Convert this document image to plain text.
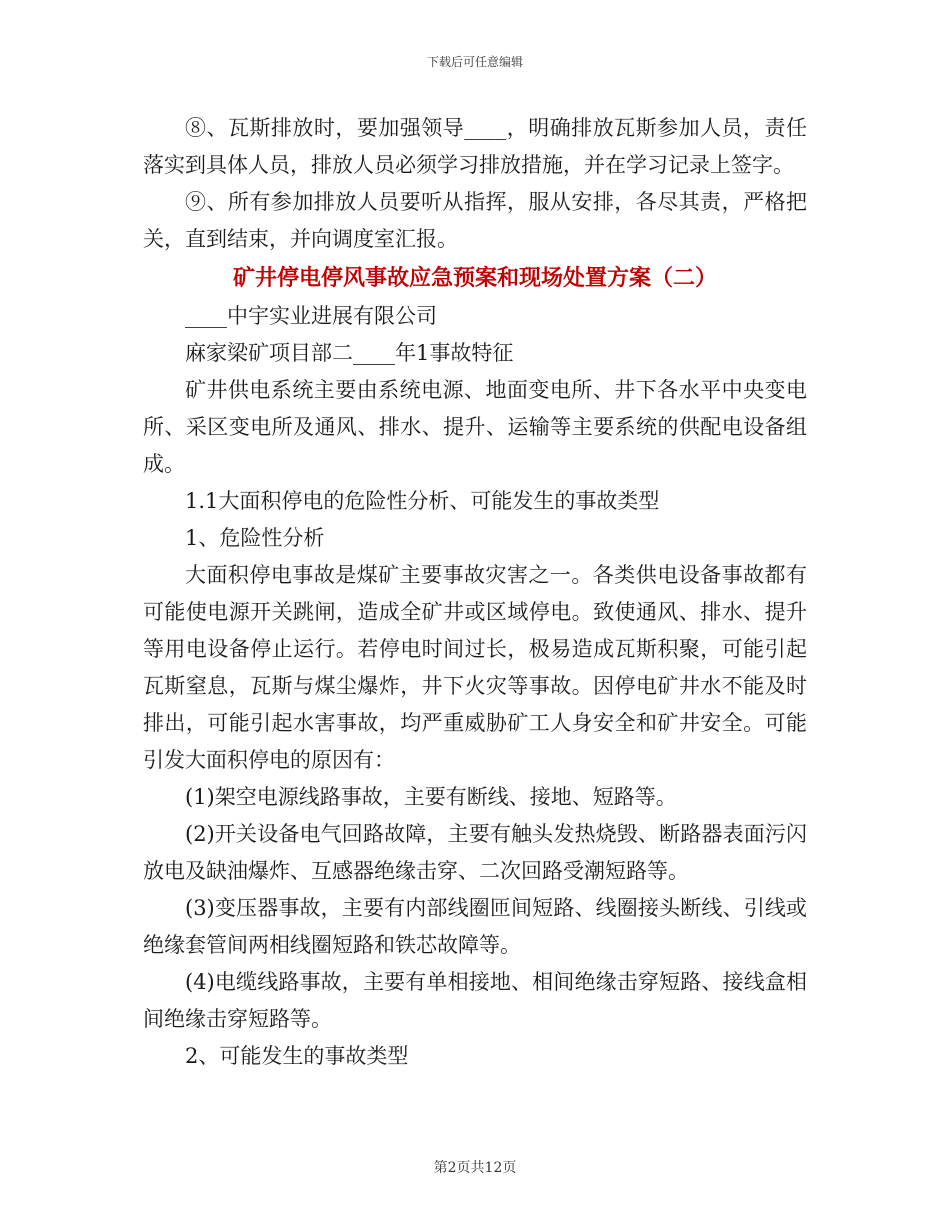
下载后可任意编辑

⑧、瓦斯排放时，要加强领导____，明确排放瓦斯参加人员，责任落实到具体人员，排放人员必须学习排放措施，并在学习记录上签字。

⑨、所有参加排放人员要听从指挥，服从安排，各尽其责，严格把关，直到结束，并向调度室汇报。

矿井停电停风事故应急预案和现场处置方案（二）

____中宇实业进展有限公司

麻家梁矿项目部二____年1事故特征

矿井供电系统主要由系统电源、地面变电所、井下各水平中央变电所、采区变电所及通风、排水、提升、运输等主要系统的供配电设备组成。

1.1大面积停电的危险性分析、可能发生的事故类型

1、危险性分析

大面积停电事故是煤矿主要事故灾害之一。各类供电设备事故都有可能使电源开关跳闸，造成全矿井或区域停电。致使通风、排水、提升等用电设备停止运行。若停电时间过长，极易造成瓦斯积聚，可能引起瓦斯窒息，瓦斯与煤尘爆炸，井下火灾等事故。因停电矿井水不能及时排出，可能引起水害事故，均严重威胁矿工人身安全和矿井安全。可能引发大面积停电的原因有：

(1)架空电源线路事故，主要有断线、接地、短路等。

(2)开关设备电气回路故障，主要有触头发热烧毁、断路器表面污闪放电及缺油爆炸、互感器绝缘击穿、二次回路受潮短路等。

(3)变压器事故，主要有内部线圈匝间短路、线圈接头断线、引线或绝缘套管间两相线圈短路和铁芯故障等。

(4)电缆线路事故，主要有单相接地、相间绝缘击穿短路、接线盒相间绝缘击穿短路等。

2、可能发生的事故类型

第2页共12页
